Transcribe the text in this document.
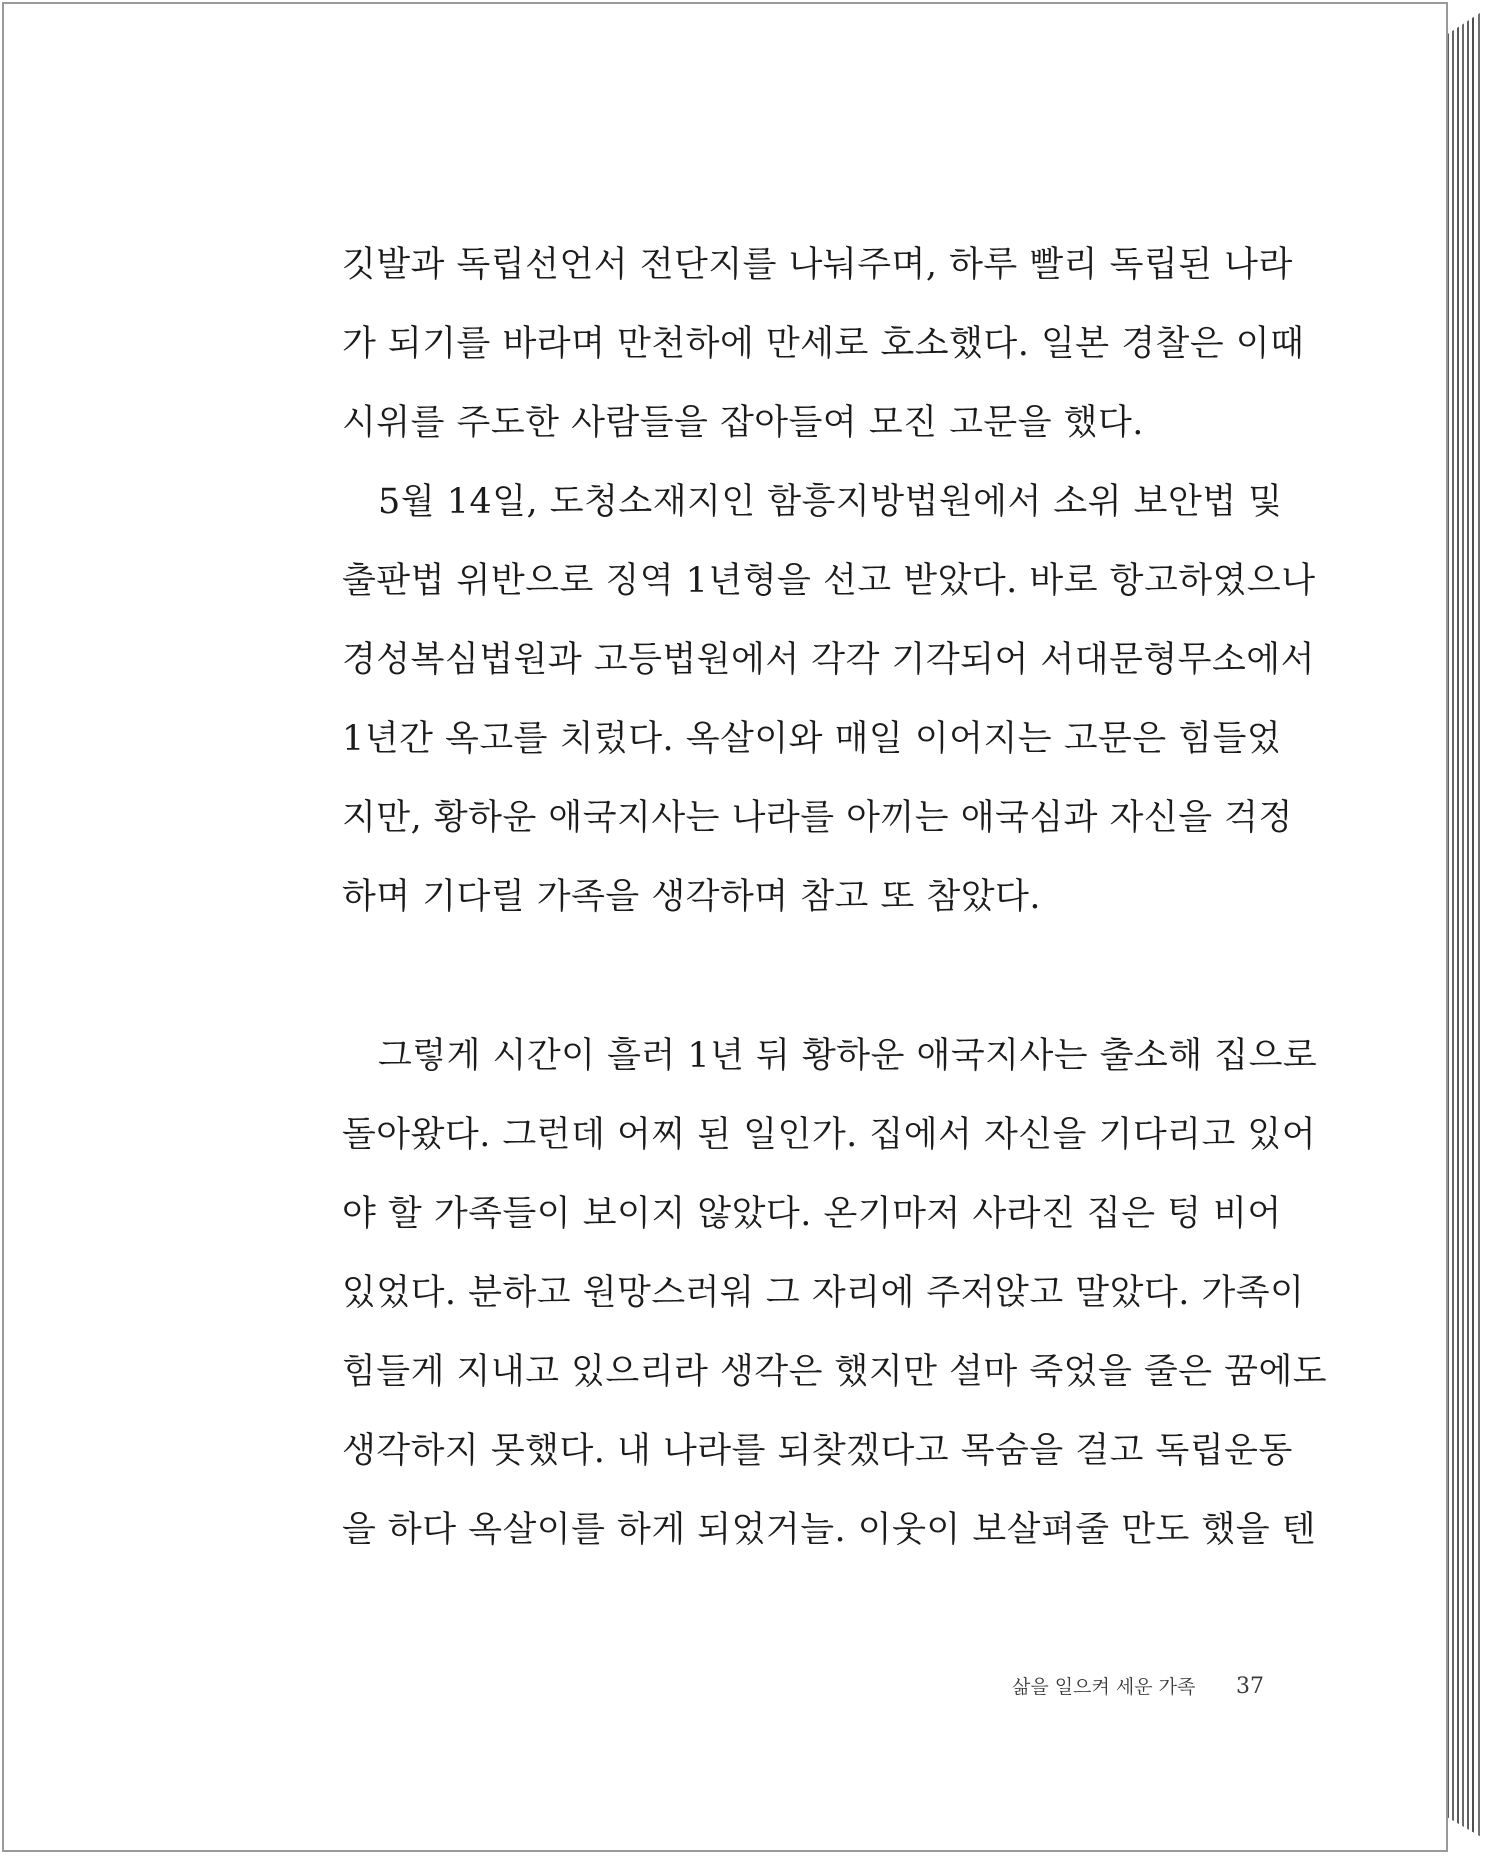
깃발과 독립선언서 전단지를 나눠주며, 하루 빨리 독립된 나라
가 되기를 바라며 만천하에 만세로 호소했다. 일본 경찰은 이때
시위를 주도한 사람들을 잡아들여 모진 고문을 했다.
5월 14일, 도청소재지인 함흥지방법원에서 소위 보안법 및
출판법 위반으로 징역 1년형을 선고 받았다. 바로 항고하였으나
경성복심법원과 고등법원에서 각각 기각되어 서대문형무소에서
1년간 옥고를 치렀다. 옥살이와 매일 이어지는 고문은 힘들었
지만, 황하운 애국지사는 나라를 아끼는 애국심과 자신을 걱정
하며 기다릴 가족을 생각하며 참고 또 참았다.
그렇게 시간이 흘러 1년 뒤 황하운 애국지사는 출소해 집으로
돌아왔다. 그런데 어찌 된 일인가. 집에서 자신을 기다리고 있어
야 할 가족들이 보이지 않았다. 온기마저 사라진 집은 텅 비어
있었다. 분하고 원망스러워 그 자리에 주저앉고 말았다. 가족이
힘들게 지내고 있으리라 생각은 했지만 설마 죽었을 줄은 꿈에도
생각하지 못했다. 내 나라를 되찾겠다고 목숨을 걸고 독립운동
을 하다 옥살이를 하게 되었거늘. 이웃이 보살펴줄 만도 했을 텐
삶을 일으켜 세운 가족 37
